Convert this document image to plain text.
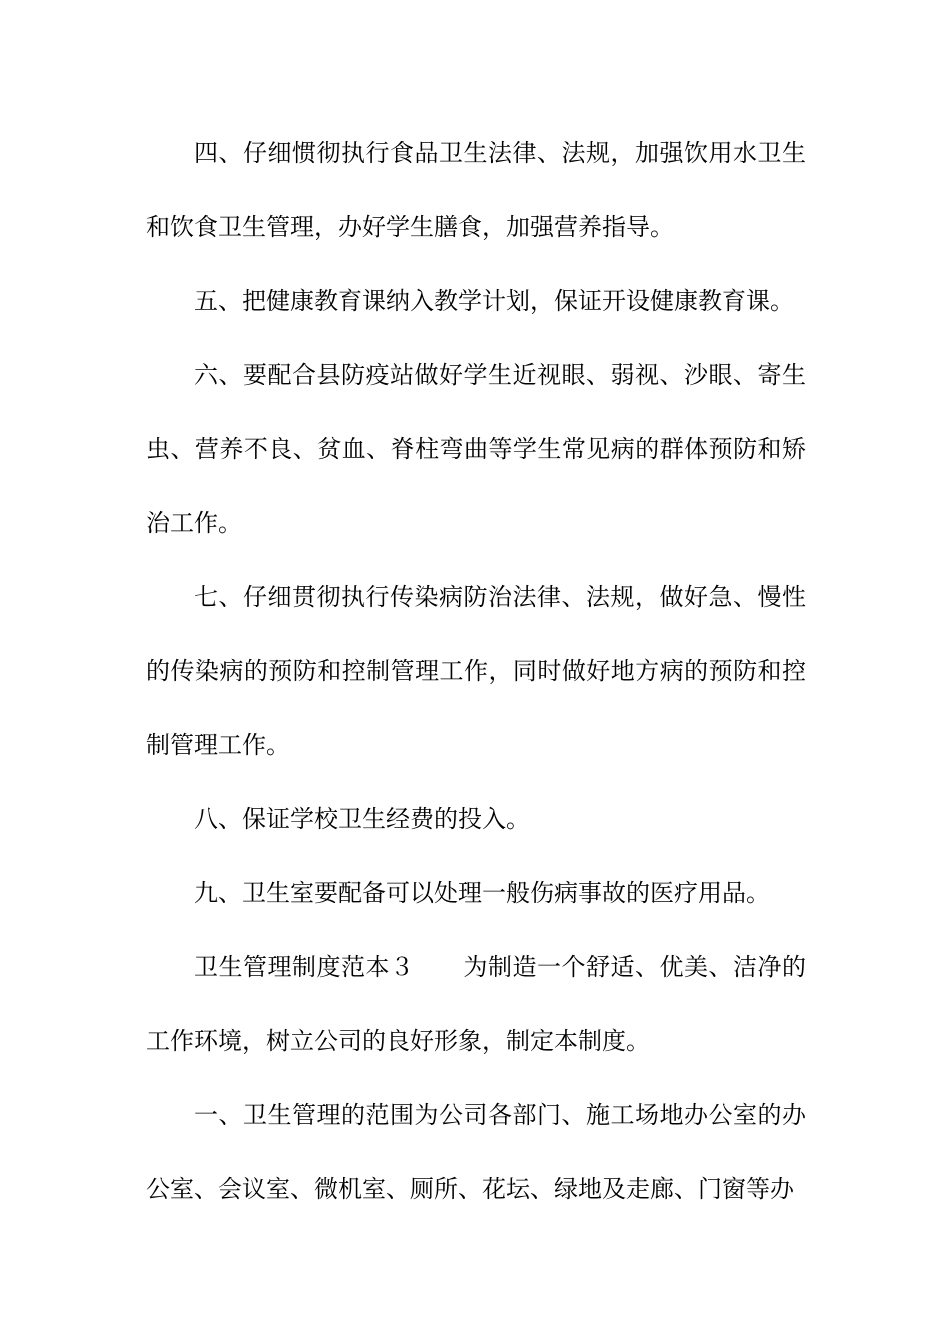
四、仔细惯彻执行食品卫生法律、法规，加强饮用水卫生和饮食卫生管理，办好学生膳食，加强营养指导。

五、把健康教育课纳入教学计划，保证开设健康教育课。

六、要配合县防疫站做好学生近视眼、弱视、沙眼、寄生虫、营养不良、贫血、脊柱弯曲等学生常见病的群体预防和矫治工作。

七、仔细贯彻执行传染病防治法律、法规，做好急、慢性的传染病的预防和控制管理工作，同时做好地方病的预防和控制管理工作。

八、保证学校卫生经费的投入。

九、卫生室要配备可以处理一般伤病事故的医疗用品。

卫生管理制度范本３　　为制造一个舒适、优美、洁净的工作环境，树立公司的良好形象，制定本制度。

一、卫生管理的范围为公司各部门、施工场地办公室的办公室、会议室、微机室、厕所、花坛、绿地及走廊、门窗等办
